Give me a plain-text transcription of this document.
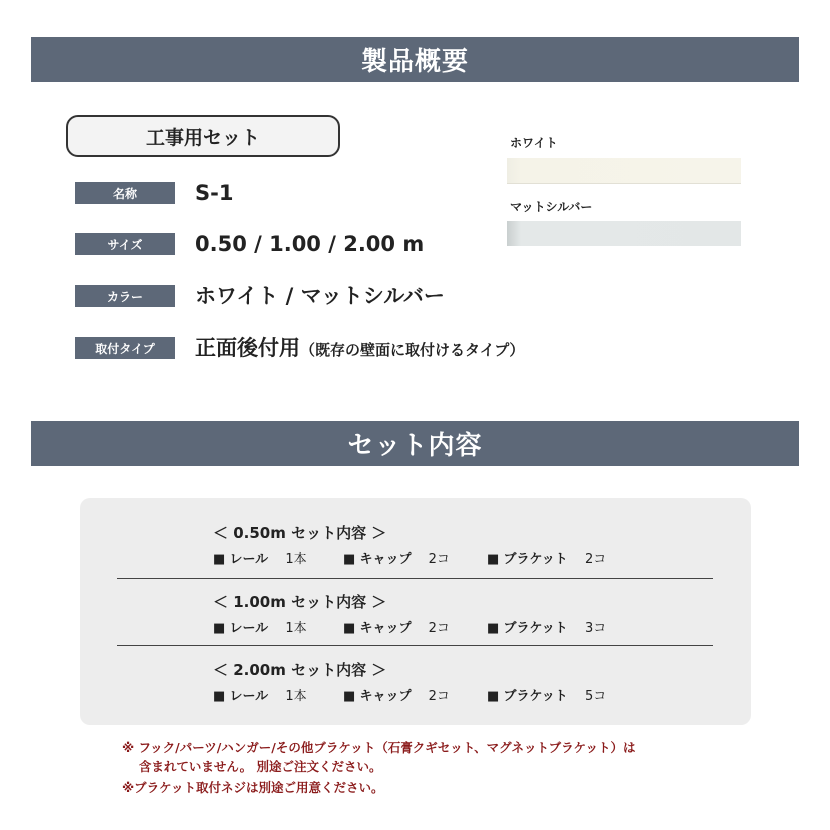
製品概要
工事用セット
名称	S-1
サイズ	0.50 / 1.00 / 2.00 m
カラー	ホワイト / マットシルバー
取付タイプ	正面後付用（既存の壁面に取付けるタイプ）
ホワイト
マットシルバー
セット内容
＜ 0.50m セット内容 ＞
■ レール　 1本	■ キャップ　 2コ	■ ブラケット　 2コ
＜ 1.00m セット内容 ＞
■ レール　 1本	■ キャップ　 2コ	■ ブラケット　 3コ
＜ 2.00m セット内容 ＞
■ レール　 1本	■ キャップ　 2コ	■ ブラケット　 5コ
※ フック/パーツ/ハンガー/その他ブラケット（石膏クギセット、マグネットブラケット）は
　 含まれていません。 別途ご注文ください。
※ブラケット取付ネジは別途ご用意ください。
